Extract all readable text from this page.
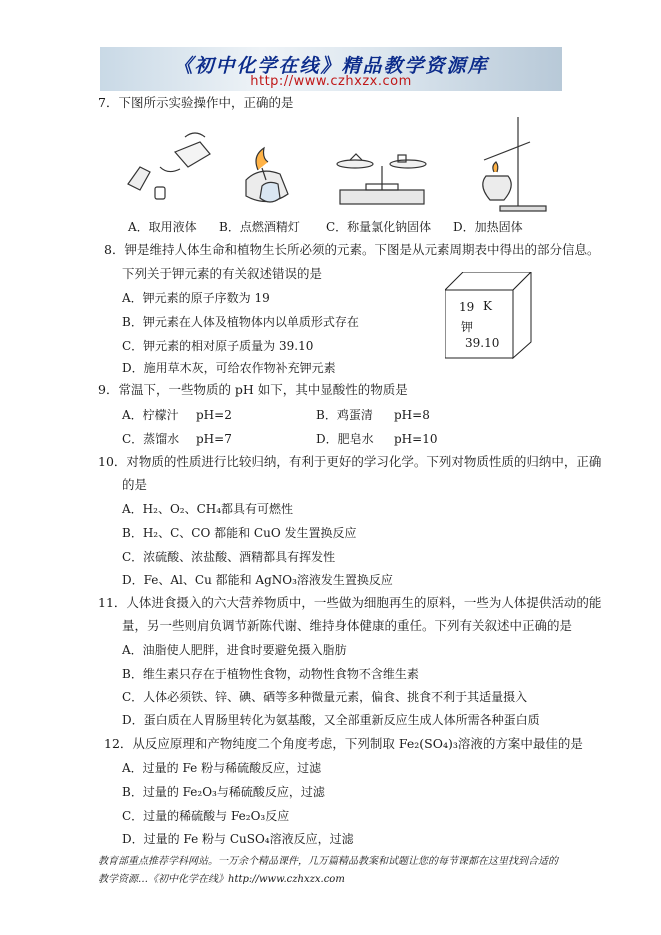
《初中化学在线》精品教学资源库
http://www.czhxzx.com
7．下图所示实验操作中，正确的是
A．取用液体 B．点燃酒精灯 C．称量氯化钠固体 D．加热固体
8．钾是维持人体生命和植物生长所必须的元素。下图是从元素周期表中得出的部分信息。
下列关于钾元素的有关叙述错误的是
A．钾元素的原子序数为 19
B．钾元素在人体及植物体内以单质形式存在
C．钾元素的相对原子质量为 39.10
D．施用草木灰，可给农作物补充钾元素
19 K
钾
39.10
9．常温下，一些物质的 pH 如下，其中显酸性的物质是
A．柠檬汁 pH=2	B．鸡蛋清 pH=8
C．蒸馏水 pH=7	D．肥皂水 pH=10
10．对物质的性质进行比较归纳，有利于更好的学习化学。下列对物质性质的归纳中，正确
的是
A．H₂、O₂、CH₄都具有可燃性
B．H₂、C、CO 都能和 CuO 发生置换反应
C．浓硫酸、浓盐酸、酒精都具有挥发性
D．Fe、Al、Cu 都能和 AgNO₃溶液发生置换反应
11．人体进食摄入的六大营养物质中，一些做为细胞再生的原料，一些为人体提供活动的能
量，另一些则肩负调节新陈代谢、维持身体健康的重任。下列有关叙述中正确的是
A．油脂使人肥胖，进食时要避免摄入脂肪
B．维生素只存在于植物性食物，动物性食物不含维生素
C．人体必须铁、锌、碘、硒等多种微量元素，偏食、挑食不利于其适量摄入
D．蛋白质在人胃肠里转化为氨基酸，又全部重新反应生成人体所需各种蛋白质
12．从反应原理和产物纯度二个角度考虑，下列制取 Fe₂(SO₄)₃溶液的方案中最佳的是
A．过量的 Fe 粉与稀硫酸反应，过滤
B．过量的 Fe₂O₃与稀硫酸反应，过滤
C．过量的稀硫酸与 Fe₂O₃反应
D．过量的 Fe 粉与 CuSO₄溶液反应，过滤
教育部重点推荐学科网站。一万余个精品课件，几万篇精品教案和试题让您的每节课都在这里找到合适的
教学资源…《初中化学在线》http://www.czhxzx.com
